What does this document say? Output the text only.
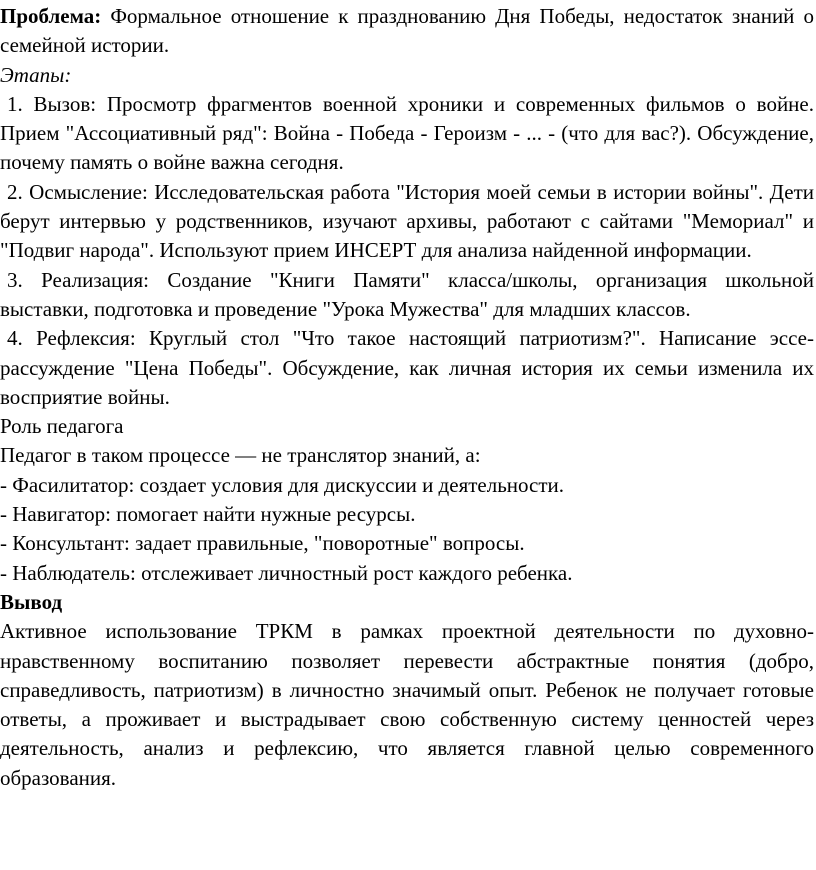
Проблема: Формальное отношение к празднованию Дня Победы, недостаток знаний о семейной истории.

Этапы:

1. Вызов: Просмотр фрагментов военной хроники и современных фильмов о войне. Прием "Ассоциативный ряд": Война - Победа - Героизм - ... - (что для вас?). Обсуждение, почему память о войне важна сегодня.

2. Осмысление: Исследовательская работа "История моей семьи в истории войны". Дети берут интервью у родственников, изучают архивы, работают с сайтами "Мемориал" и "Подвиг народа". Используют прием ИНСЕРТ для анализа найденной информации.

3. Реализация: Создание "Книги Памяти" класса/школы, организация школьной выставки, подготовка и проведение "Урока Мужества" для младших классов.

4. Рефлексия: Круглый стол "Что такое настоящий патриотизм?". Написание эссе-рассуждение "Цена Победы". Обсуждение, как личная история их семьи изменила их восприятие войны.

Роль педагога

Педагог в таком процессе — не транслятор знаний, а:

- Фасилитатор: создает условия для дискуссии и деятельности.

- Навигатор: помогает найти нужные ресурсы.

- Консультант: задает правильные, "поворотные" вопросы.

- Наблюдатель: отслеживает личностный рост каждого ребенка.

Вывод

Активное использование ТРКМ в рамках проектной деятельности по духовно-нравственному воспитанию позволяет перевести абстрактные понятия (добро, справедливость, патриотизм) в личностно значимый опыт. Ребенок не получает готовые ответы, а проживает и выстрадывает свою собственную систему ценностей через деятельность, анализ и рефлексию, что является главной целью современного образования.
